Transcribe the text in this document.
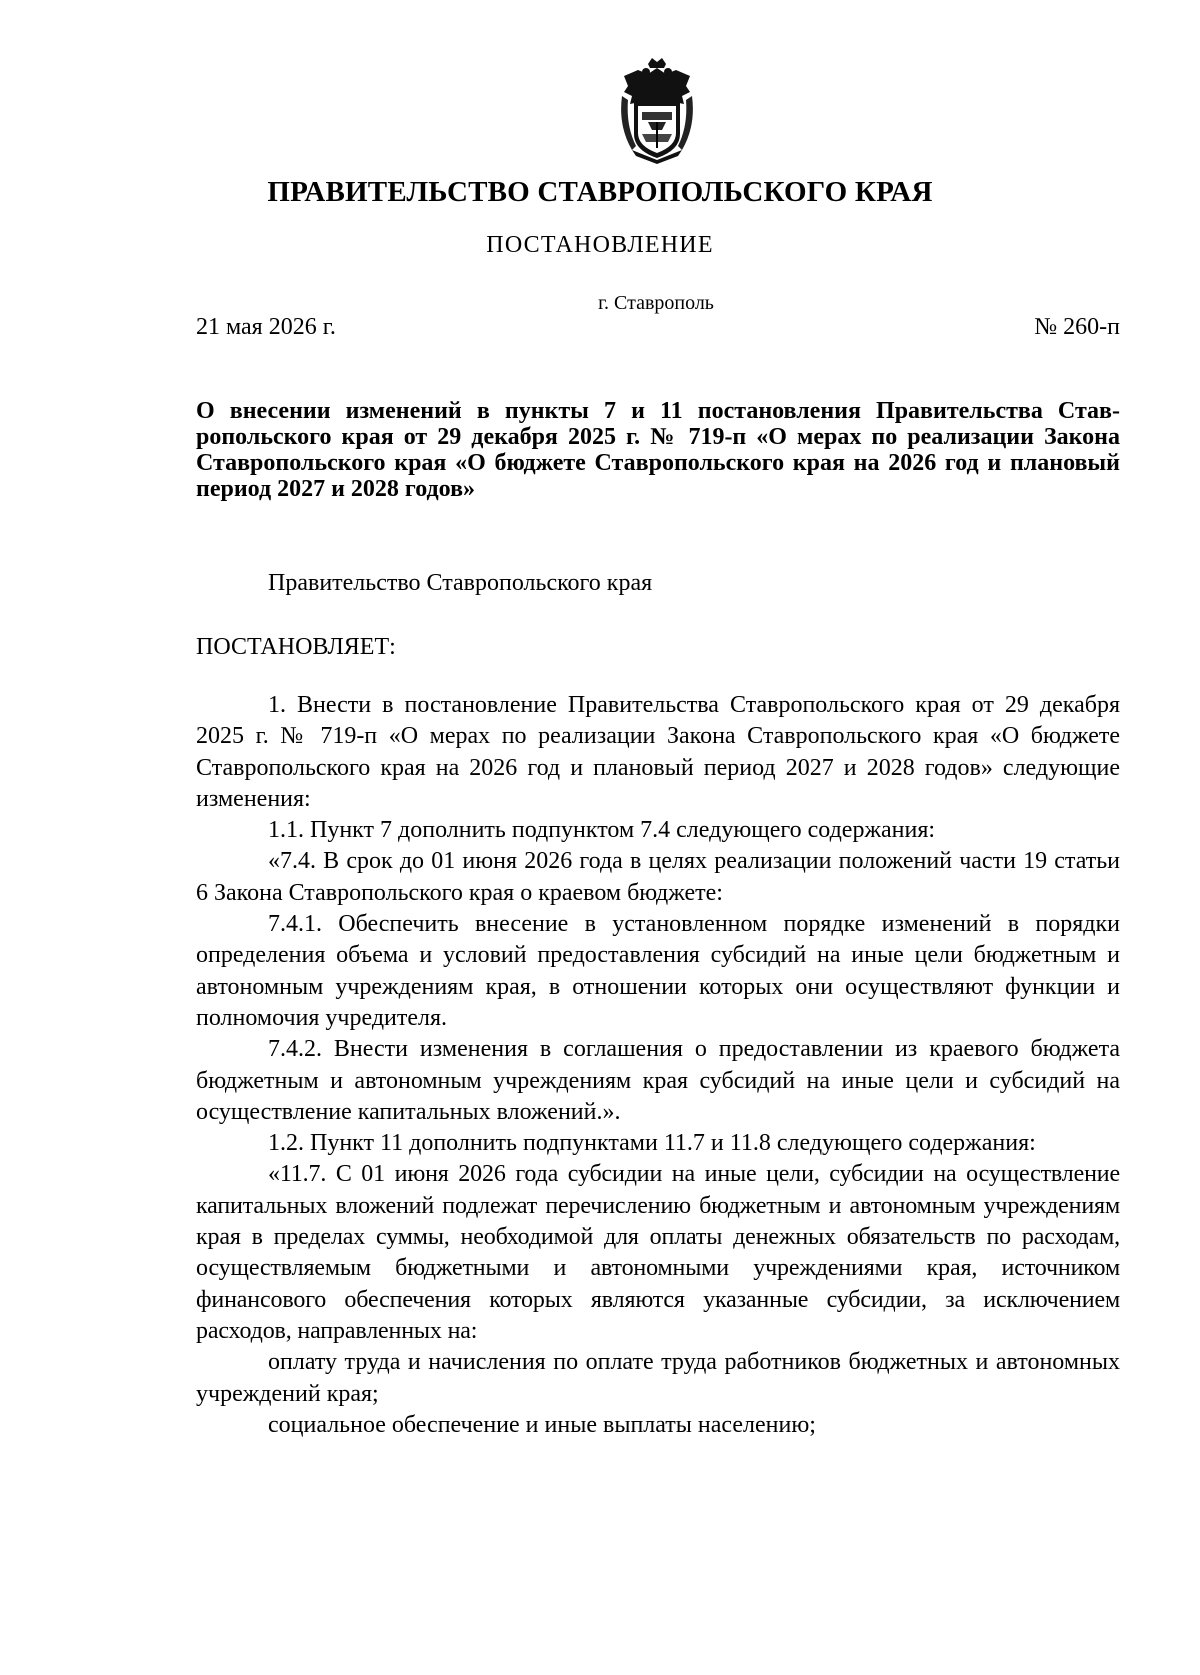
ПРАВИТЕЛЬСТВО СТАВРОПОЛЬСКОГО КРАЯ
ПОСТАНОВЛЕНИЕ
г. Ставрополь
21 мая 2026 г.	№ 260-п
О внесении изменений в пункты 7 и 11 постановления Правительства Ставропольского края от 29 декабря 2025 г. № 719-п «О мерах по реализации Закона Ставропольского края «О бюджете Ставропольского края на 2026 год и плановый период 2027 и 2028 годов»
Правительство Ставропольского края
ПОСТАНОВЛЯЕТ:

1. Внести в постановление Правительства Ставропольского края от 29 декабря 2025 г. № 719-п «О мерах по реализации Закона Ставропольского края «О бюджете Ставропольского края на 2026 год и плановый период 2027 и 2028 годов» следующие изменения:

1.1. Пункт 7 дополнить подпунктом 7.4 следующего содержания:

«7.4. В срок до 01 июня 2026 года в целях реализации положений части 19 статьи 6 Закона Ставропольского края о краевом бюджете:

7.4.1. Обеспечить внесение в установленном порядке изменений в порядки определения объема и условий предоставления субсидий на иные цели бюджетным и автономным учреждениям края, в отношении которых они осуществляют функции и полномочия учредителя.

7.4.2. Внести изменения в соглашения о предоставлении из краевого бюджета бюджетным и автономным учреждениям края субсидий на иные цели и субсидий на осуществление капитальных вложений.».

1.2. Пункт 11 дополнить подпунктами 11.7 и 11.8 следующего содержания:

«11.7. С 01 июня 2026 года субсидии на иные цели, субсидии на осуществление капитальных вложений подлежат перечислению бюджетным и автономным учреждениям края в пределах суммы, необходимой для оплаты денежных обязательств по расходам, осуществляемым бюджетными и автономными учреждениями края, источником финансового обеспечения которых являются указанные субсидии, за исключением расходов, направленных на:

оплату труда и начисления по оплате труда работников бюджетных и автономных учреждений края;

социальное обеспечение и иные выплаты населению;
